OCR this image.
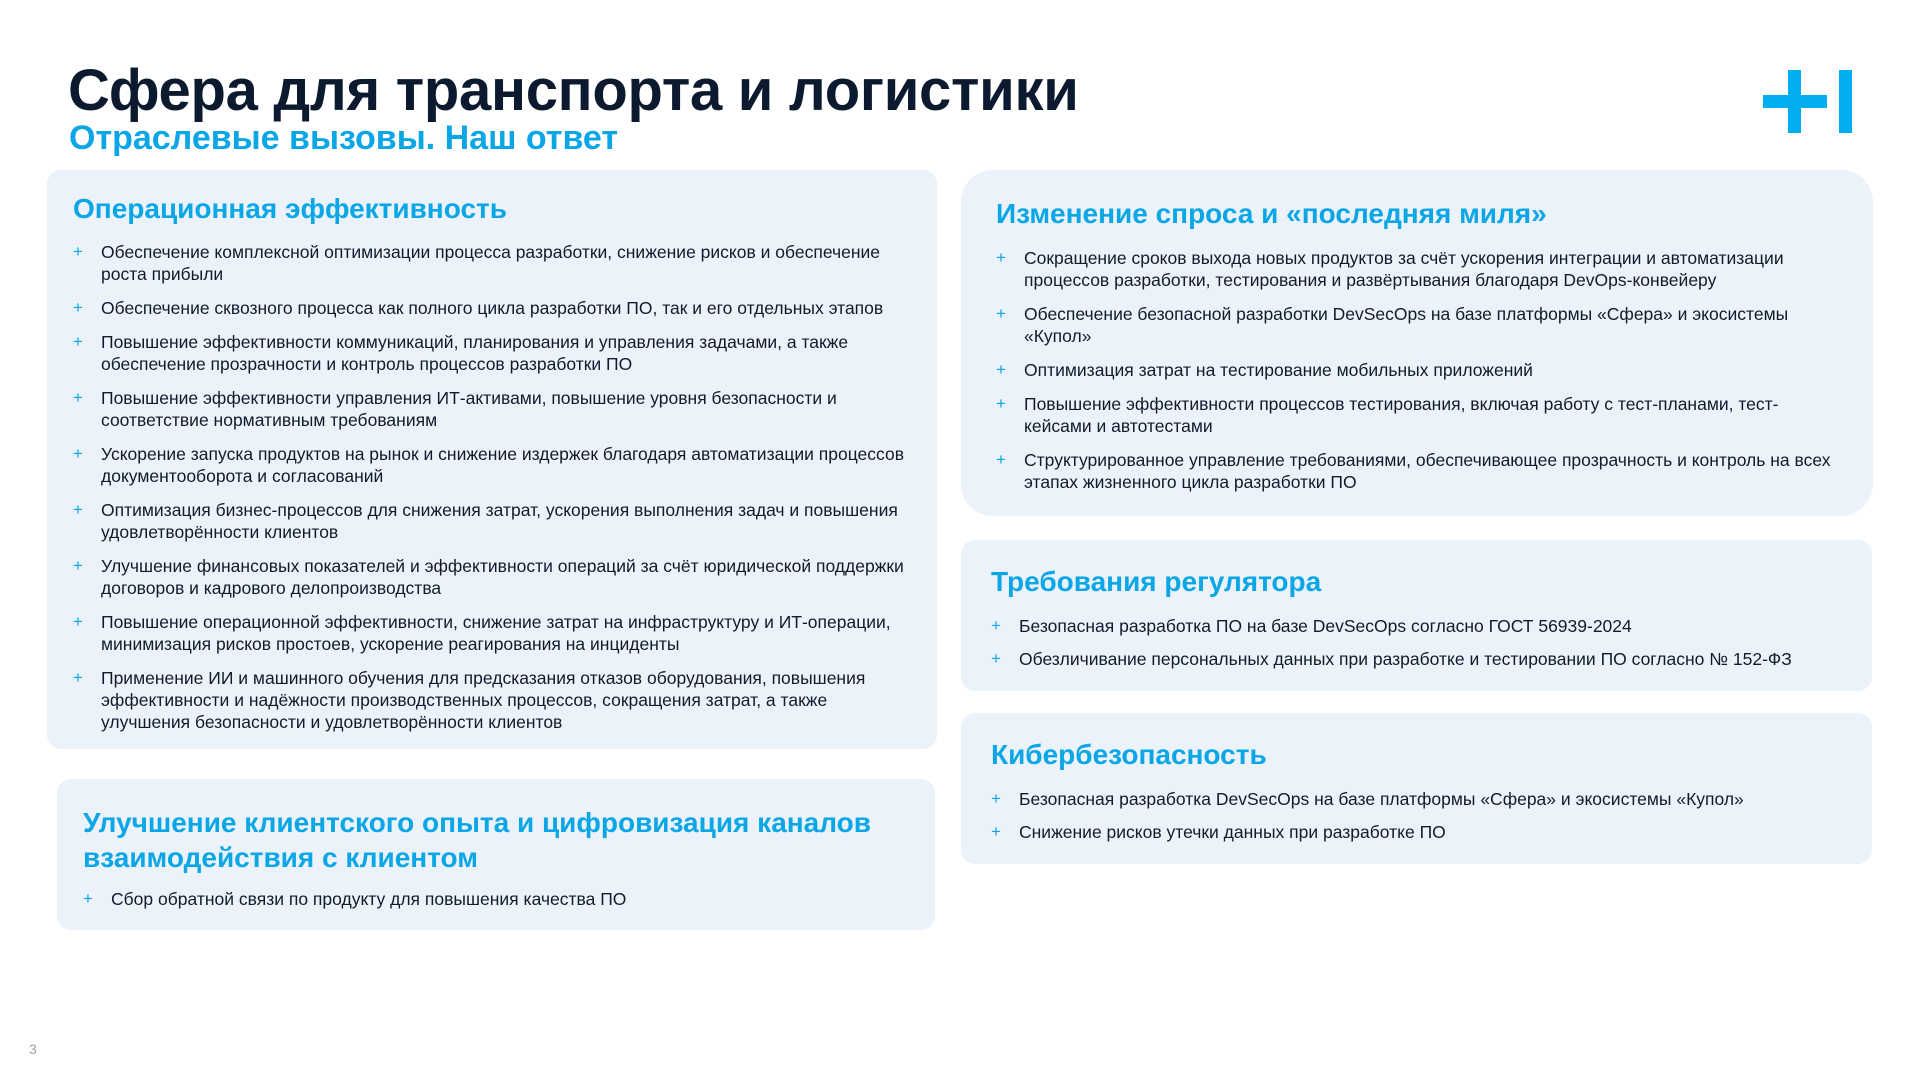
Сфера для транспорта и логистики
Отраслевые вызовы. Наш ответ
Операционная эффективность
+ Обеспечение комплексной оптимизации процесса разработки, снижение рисков и обеспечение роста прибыли
+ Обеспечение сквозного процесса как полного цикла разработки ПО, так и его отдельных этапов
+ Повышение эффективности коммуникаций, планирования и управления задачами, а также обеспечение прозрачности и контроль процессов разработки ПО
+ Повышение эффективности управления ИТ-активами, повышение уровня безопасности и соответствие нормативным требованиям
+ Ускорение запуска продуктов на рынок и снижение издержек благодаря автоматизации процессов документооборота и согласований
+ Оптимизация бизнес-процессов для снижения затрат, ускорения выполнения задач и повышения удовлетворённости клиентов
+ Улучшение финансовых показателей и эффективности операций за счёт юридической поддержки договоров и кадрового делопроизводства
+ Повышение операционной эффективности, снижение затрат на инфраструктуру и ИТ-операции, минимизация рисков простоев, ускорение реагирования на инциденты
+ Применение ИИ и машинного обучения для предсказания отказов оборудования, повышения эффективности и надёжности производственных процессов, сокращения затрат, а также улучшения безопасности и удовлетворённости клиентов
Улучшение клиентского опыта и цифровизация каналов взаимодействия с клиентом
+ Сбор обратной связи по продукту для повышения качества ПО
Изменение спроса и «последняя миля»
+ Сокращение сроков выхода новых продуктов за счёт ускорения интеграции и автоматизации процессов разработки, тестирования и развёртывания благодаря DevOps-конвейеру
+ Обеспечение безопасной разработки DevSecOps на базе платформы «Сфера» и экосистемы «Купол»
+ Оптимизация затрат на тестирование мобильных приложений
+ Повышение эффективности процессов тестирования, включая работу с тест-планами, тест-кейсами и автотестами
+ Структурированное управление требованиями, обеспечивающее прозрачность и контроль на всех этапах жизненного цикла разработки ПО
Требования регулятора
+ Безопасная разработка ПО на базе DevSecOps согласно ГОСТ 56939-2024
+ Обезличивание персональных данных при разработке и тестировании ПО согласно № 152-ФЗ
Кибербезопасность
+ Безопасная разработка DevSecOps на базе платформы «Сфера» и экосистемы «Купол»
+ Снижение рисков утечки данных при разработке ПО
3
